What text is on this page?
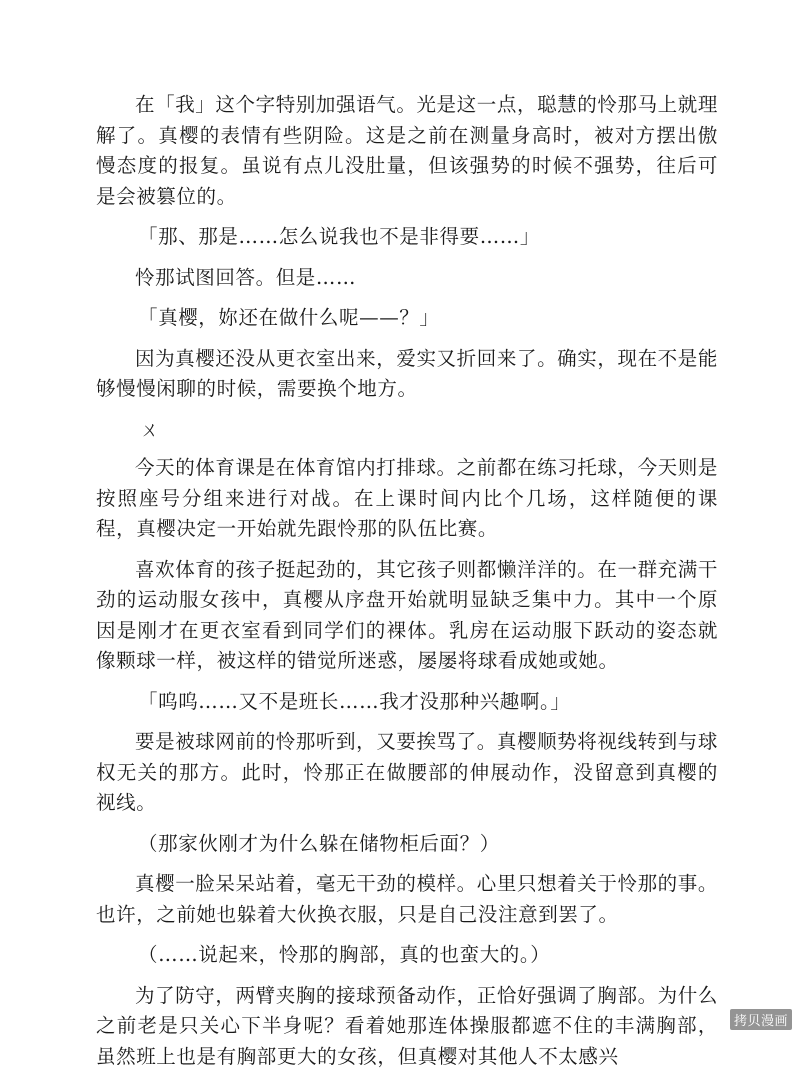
在「我」这个字特别加强语气。光是这一点，聪慧的怜那马上就理解了。真樱的表情有些阴险。这是之前在测量身高时，被对方摆出傲慢态度的报复。虽说有点儿没肚量，但该强势的时候不强势，往后可是会被篡位的。

「那、那是……怎么说我也不是非得要……」

怜那试图回答。但是……

「真樱，妳还在做什么呢——？」

因为真樱还没从更衣室出来，爱实又折回来了。确实，现在不是能够慢慢闲聊的时候，需要换个地方。

ㄨ

今天的体育课是在体育馆内打排球。之前都在练习托球，今天则是按照座号分组来进行对战。在上课时间内比个几场，这样随便的课程，真樱决定一开始就先跟怜那的队伍比赛。

喜欢体育的孩子挺起劲的，其它孩子则都懒洋洋的。在一群充满干劲的运动服女孩中，真樱从序盘开始就明显缺乏集中力。其中一个原因是刚才在更衣室看到同学们的裸体。乳房在运动服下跃动的姿态就像颗球一样，被这样的错觉所迷惑，屡屡将球看成她或她。

「呜呜……又不是班长……我才没那种兴趣啊。」

要是被球网前的怜那听到，又要挨骂了。真樱顺势将视线转到与球权无关的那方。此时，怜那正在做腰部的伸展动作，没留意到真樱的视线。

（那家伙刚才为什么躲在储物柜后面？）

真樱一脸呆呆站着，毫无干劲的模样。心里只想着关于怜那的事。也许，之前她也躲着大伙换衣服，只是自己没注意到罢了。

（……说起来，怜那的胸部，真的也蛮大的。）

为了防守，两臂夹胸的接球预备动作，正恰好强调了胸部。为什么之前老是只关心下半身呢？看着她那连体操服都遮不住的丰满胸部，虽然班上也是有胸部更大的女孩，但真樱对其他人不太感兴

拷贝漫画
